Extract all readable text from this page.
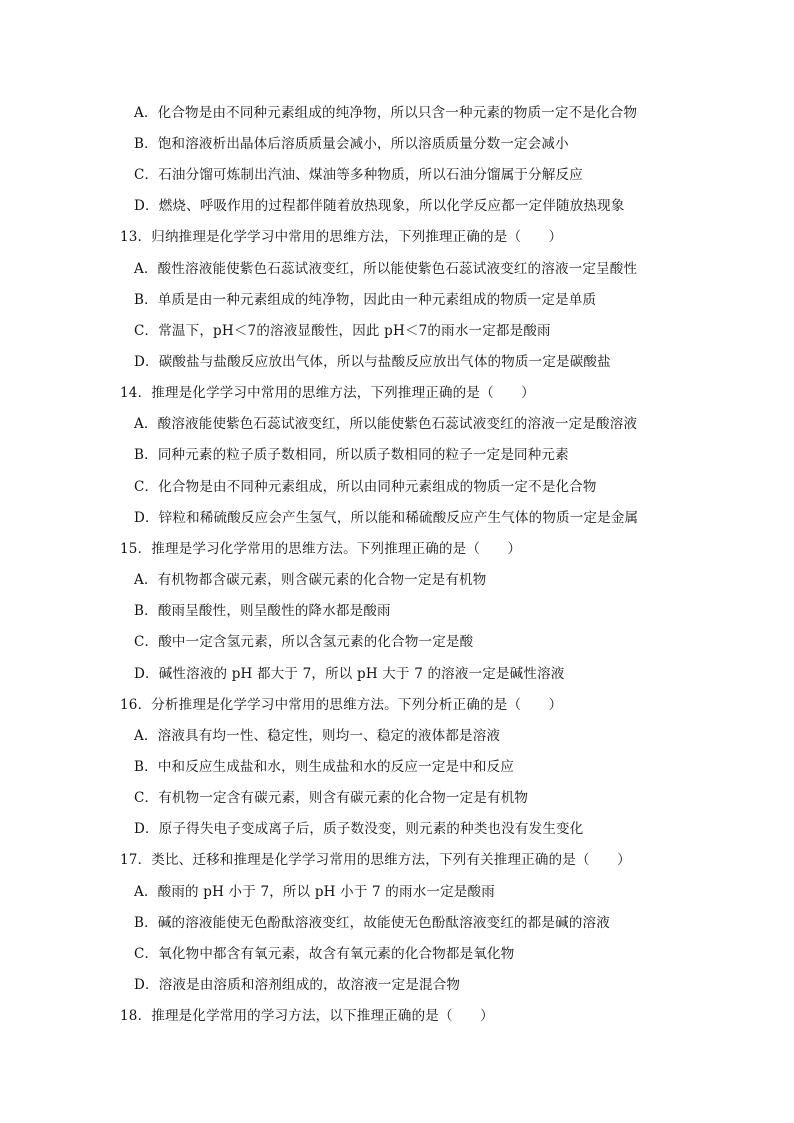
A．化合物是由不同种元素组成的纯净物，所以只含一种元素的物质一定不是化合物
B．饱和溶液析出晶体后溶质质量会减小，所以溶质质量分数一定会减小
C．石油分馏可炼制出汽油、煤油等多种物质，所以石油分馏属于分解反应
D．燃烧、呼吸作用的过程都伴随着放热现象，所以化学反应都一定伴随放热现象
13．归纳推理是化学学习中常用的思维方法，下列推理正确的是（　　）
A．酸性溶液能使紫色石蕊试液变红，所以能使紫色石蕊试液变红的溶液一定呈酸性
B．单质是由一种元素组成的纯净物，因此由一种元素组成的物质一定是单质
C．常温下，pH＜7的溶液显酸性，因此 pH＜7的雨水一定都是酸雨
D．碳酸盐与盐酸反应放出气体，所以与盐酸反应放出气体的物质一定是碳酸盐
14．推理是化学学习中常用的思维方法，下列推理正确的是（　　）
A．酸溶液能使紫色石蕊试液变红，所以能使紫色石蕊试液变红的溶液一定是酸溶液
B．同种元素的粒子质子数相同，所以质子数相同的粒子一定是同种元素
C．化合物是由不同种元素组成，所以由同种元素组成的物质一定不是化合物
D．锌粒和稀硫酸反应会产生氢气，所以能和稀硫酸反应产生气体的物质一定是金属
15．推理是学习化学常用的思维方法。下列推理正确的是（　　）
A．有机物都含碳元素，则含碳元素的化合物一定是有机物
B．酸雨呈酸性，则呈酸性的降水都是酸雨
C．酸中一定含氢元素，所以含氢元素的化合物一定是酸
D．碱性溶液的 pH 都大于 7，所以 pH 大于 7 的溶液一定是碱性溶液
16．分析推理是化学学习中常用的思维方法。下列分析正确的是（　　）
A．溶液具有均一性、稳定性，则均一、稳定的液体都是溶液
B．中和反应生成盐和水，则生成盐和水的反应一定是中和反应
C．有机物一定含有碳元素，则含有碳元素的化合物一定是有机物
D．原子得失电子变成离子后，质子数没变，则元素的种类也没有发生变化
17．类比、迁移和推理是化学学习常用的思维方法，下列有关推理正确的是（　　）
A．酸雨的 pH 小于 7，所以 pH 小于 7 的雨水一定是酸雨
B．碱的溶液能使无色酚酞溶液变红，故能使无色酚酞溶液变红的都是碱的溶液
C．氧化物中都含有氧元素，故含有氧元素的化合物都是氧化物
D．溶液是由溶质和溶剂组成的，故溶液一定是混合物
18．推理是化学常用的学习方法，以下推理正确的是（　　）
